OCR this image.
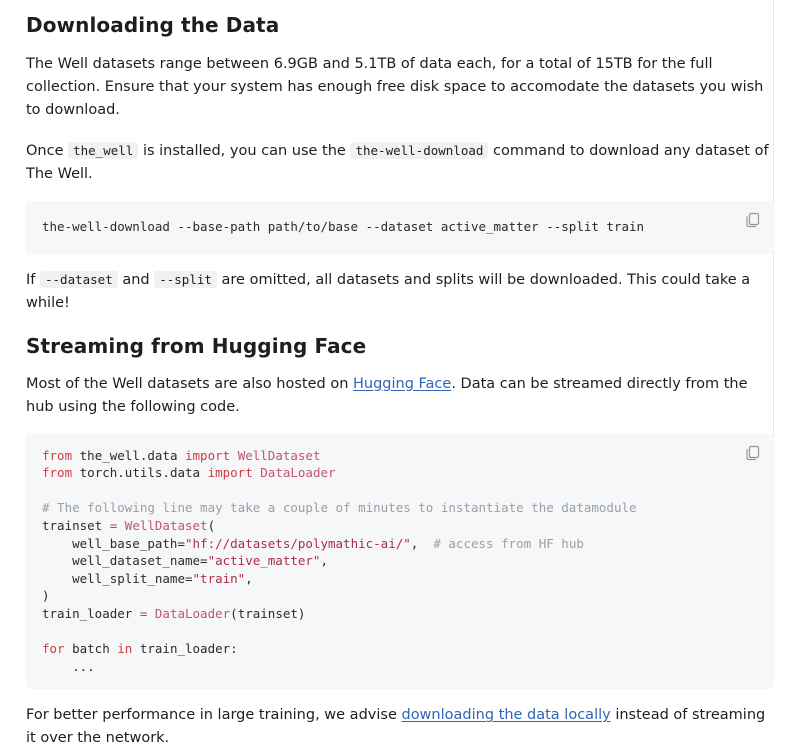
Downloading the Data

The Well datasets range between 6.9GB and 5.1TB of data each, for a total of 15TB for the full collection. Ensure that your system has enough free disk space to accomodate the datasets you wish to download.

Once the_well is installed, you can use the the-well-download command to download any dataset of The Well.

the-well-download --base-path path/to/base --dataset active_matter --split train

If --dataset and --split are omitted, all datasets and splits will be downloaded. This could take a while!

Streaming from Hugging Face

Most of the Well datasets are also hosted on Hugging Face. Data can be streamed directly from the hub using the following code.

from the_well.data import WellDataset
from torch.utils.data import DataLoader

# The following line may take a couple of minutes to instantiate the datamodule
trainset = WellDataset(
well_base_path="hf://datasets/polymathic-ai/",  # access from HF hub
well_dataset_name="active_matter",
well_split_name="train",
)
train_loader = DataLoader(trainset)

for batch in train_loader:
...

For better performance in large training, we advise downloading the data locally instead of streaming it over the network.
